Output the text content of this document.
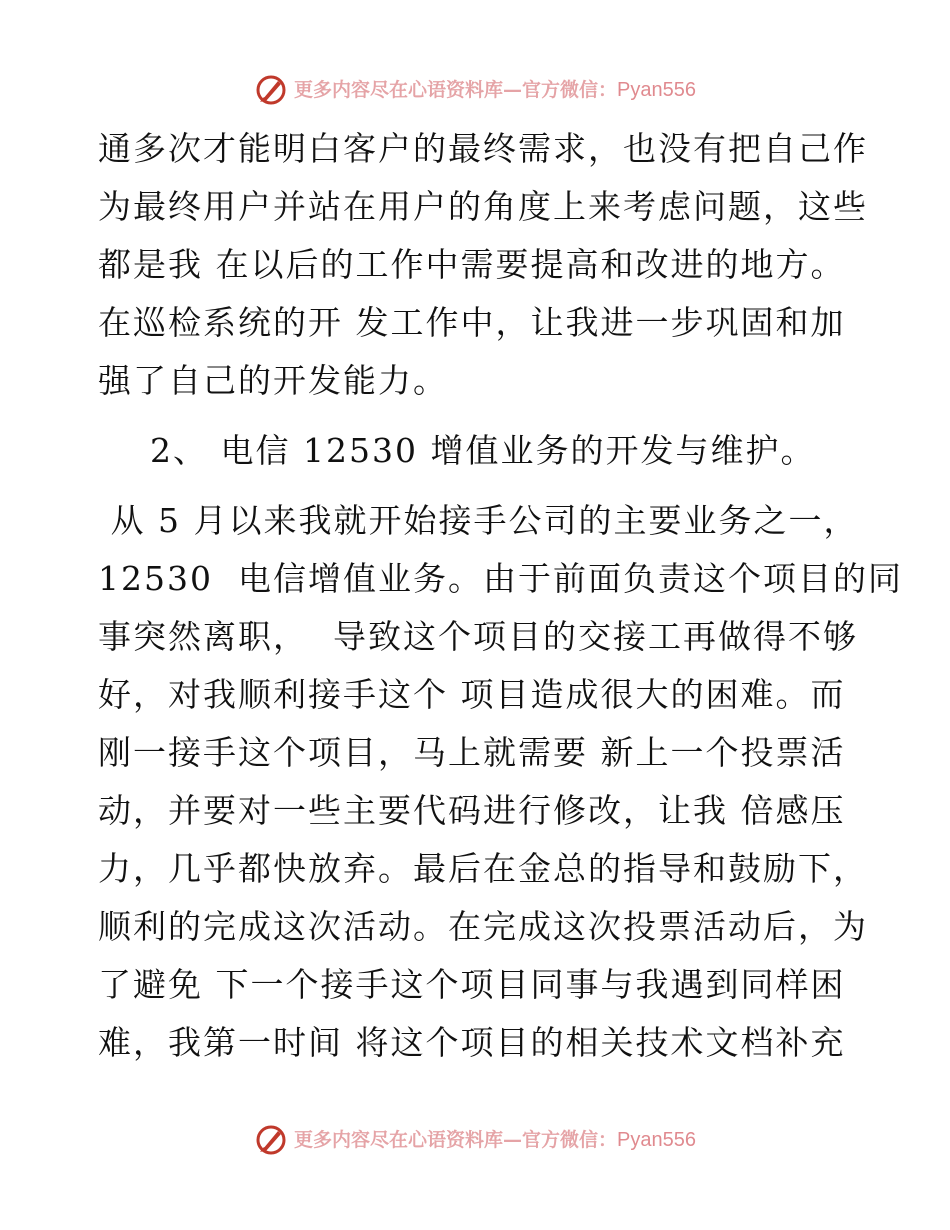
更多内容尽在心语资料库—官方微信： Pyan556

通多次才能明白客户的最终需求，也没有把自己作
为最终用户并站在用户的角度上来考虑问题，这些
都是我 在以后的工作中需要提高和改进的地方。
在巡检系统的开 发工作中，让我进一步巩固和加
强了自己的开发能力。

2、 电信 12530 增值业务的开发与维护。

从 5 月以来我就开始接手公司的主要业务之一，
12530  电信增值业务。由于前面负责这个项目的同
事突然离职，  导致这个项目的交接工再做得不够
好，对我顺利接手这个 项目造成很大的困难。而
刚一接手这个项目，马上就需要 新上一个投票活
动，并要对一些主要代码进行修改，让我 倍感压
力，几乎都快放弃。最后在金总的指导和鼓励下，
顺利的完成这次活动。在完成这次投票活动后，为
了避免 下一个接手这个项目同事与我遇到同样困
难，我第一时间 将这个项目的相关技术文档补充

更多内容尽在心语资料库—官方微信： Pyan556
